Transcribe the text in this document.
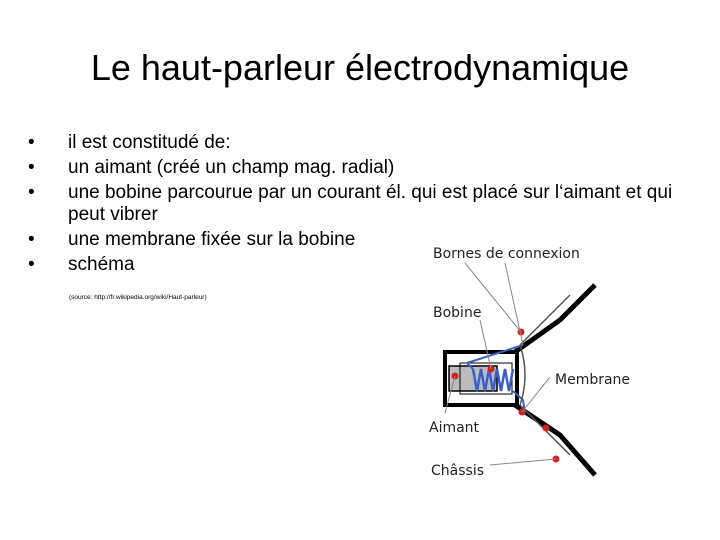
Le haut-parleur électrodynamique
•	il est constitudé de:
•	un aimant (créé un champ mag. radial)
•	une bobine parcourue par un courant él. qui est placé sur l‘aimant et qui peut vibrer
•	une membrane fixée sur la bobine
•	schéma
(source: http://fr.wikipedia.org/wiki/Haut-parleur)
Bornes de connexion
Bobine
Membrane
Aimant
Châssis
